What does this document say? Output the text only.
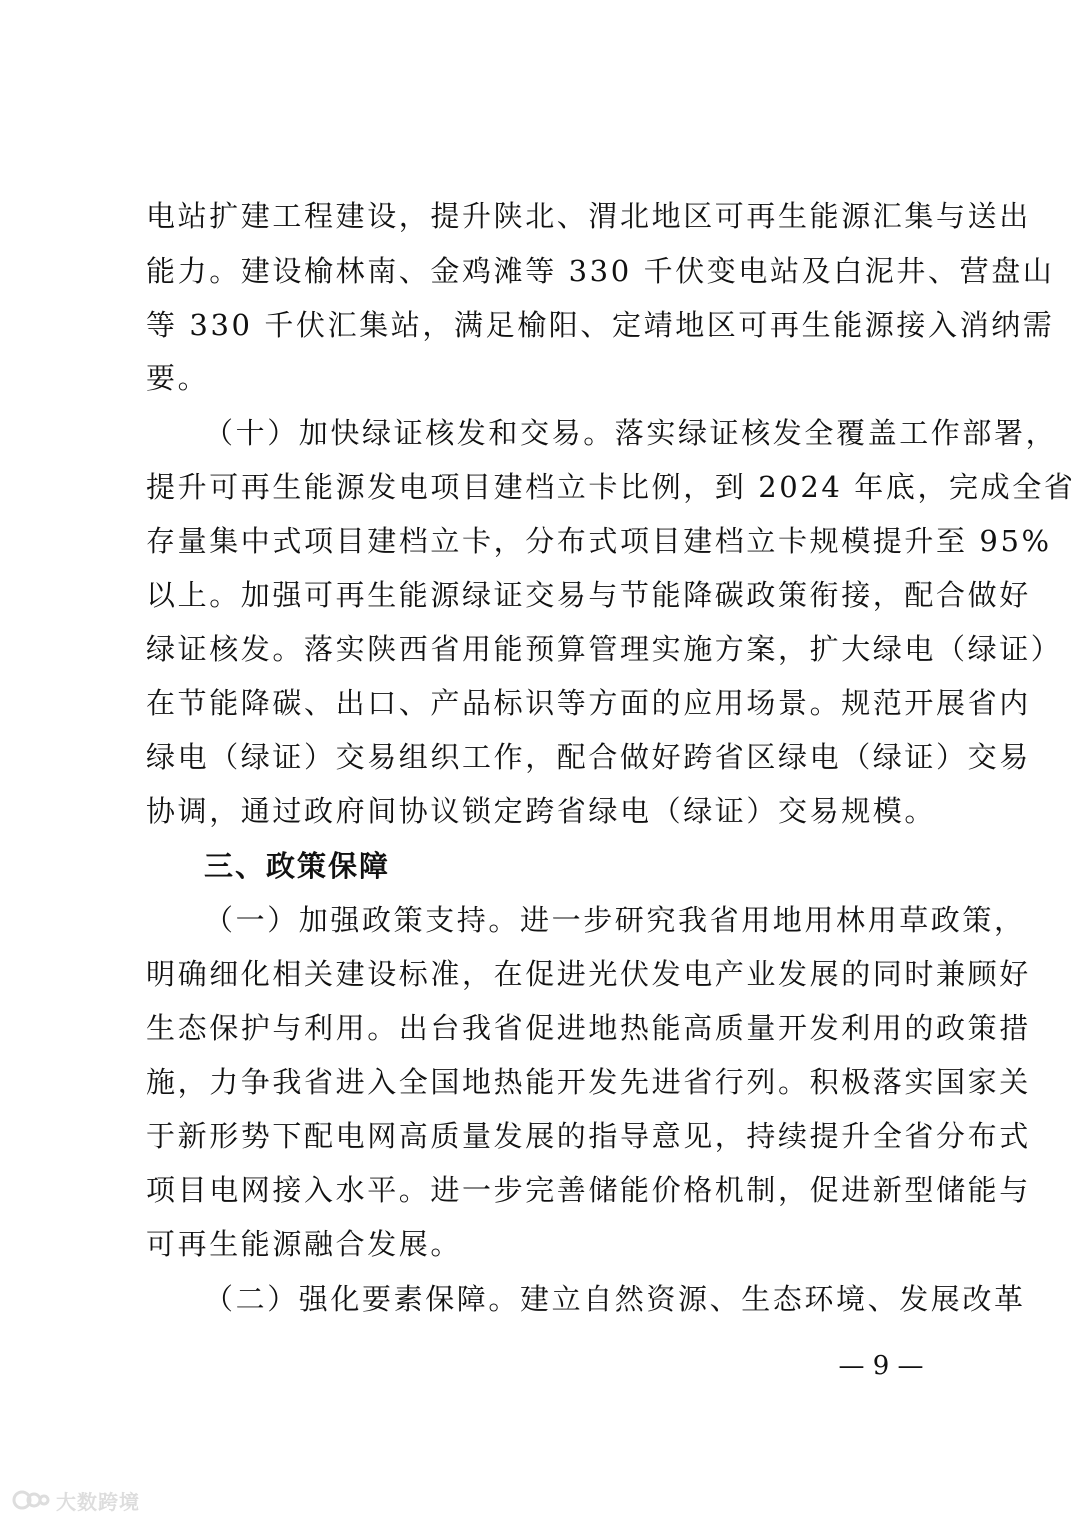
电站扩建工程建设，提升陕北、渭北地区可再生能源汇集与送出
能力。建设榆林南、金鸡滩等 330 千伏变电站及白泥井、营盘山
等 330 千伏汇集站，满足榆阳、定靖地区可再生能源接入消纳需
要。
（十）加快绿证核发和交易。落实绿证核发全覆盖工作部署，
提升可再生能源发电项目建档立卡比例，到 2024 年底，完成全省
存量集中式项目建档立卡，分布式项目建档立卡规模提升至 95%
以上。加强可再生能源绿证交易与节能降碳政策衔接，配合做好
绿证核发。落实陕西省用能预算管理实施方案，扩大绿电（绿证）
在节能降碳、出口、产品标识等方面的应用场景。规范开展省内
绿电（绿证）交易组织工作，配合做好跨省区绿电（绿证）交易
协调，通过政府间协议锁定跨省绿电（绿证）交易规模。
三、政策保障
（一）加强政策支持。进一步研究我省用地用林用草政策，
明确细化相关建设标准，在促进光伏发电产业发展的同时兼顾好
生态保护与利用。出台我省促进地热能高质量开发利用的政策措
施，力争我省进入全国地热能开发先进省行列。积极落实国家关
于新形势下配电网高质量发展的指导意见，持续提升全省分布式
项目电网接入水平。进一步完善储能价格机制，促进新型储能与
可再生能源融合发展。
（二）强化要素保障。建立自然资源、生态环境、发展改革
— 9 —
大数跨境
